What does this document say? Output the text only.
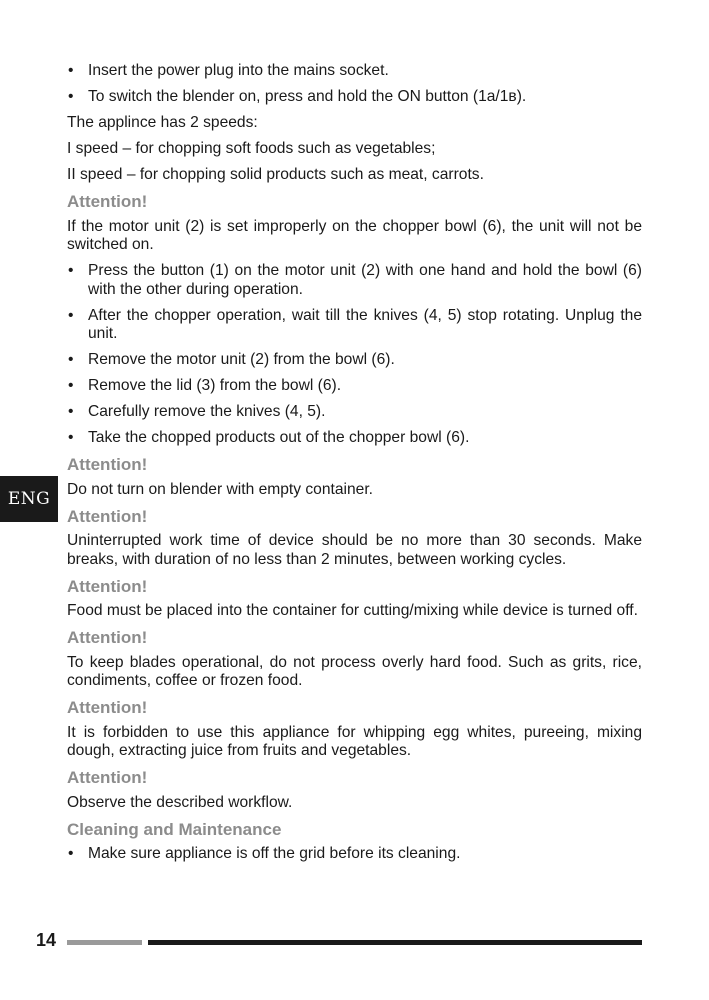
• Insert the power plug into the mains socket.
• To switch the blender on, press and hold the ON button (1a/1в).

The applince has 2 speeds:

I speed – for chopping soft foods such as vegetables;

II speed – for chopping solid products such as meat, carrots.

Attention!

If the motor unit (2) is set improperly on the chopper bowl (6), the unit will not be switched on.

• Press the button (1) on the motor unit (2) with one hand and hold the bowl (6) with the other during operation.
• After the chopper operation, wait till the knives (4, 5) stop rotating. Unplug the unit.
• Remove the motor unit (2) from the bowl (6).
• Remove the lid (3) from the bowl (6).
• Carefully remove the knives (4, 5).
• Take the chopped products out of the chopper bowl (6).
Attention!

Do not turn on blender with empty container.

Attention!

Uninterrupted work time of device should be no more than 30 seconds. Make breaks, with duration of no less than 2 minutes, between working cycles.

Attention!

Food must be placed into the container for cutting/mixing while device is turned off.

Attention!

To keep blades operational, do not process overly hard food. Such as grits, rice, condiments, coffee or frozen food.

Attention!

It is forbidden to use this appliance for whipping egg whites, pureeing, mixing dough, extracting juice from fruits and vegetables.

Attention!

Observe the described workflow.

Cleaning and Maintenance
• Make sure appliance is off the grid before its cleaning.
ENG
14
